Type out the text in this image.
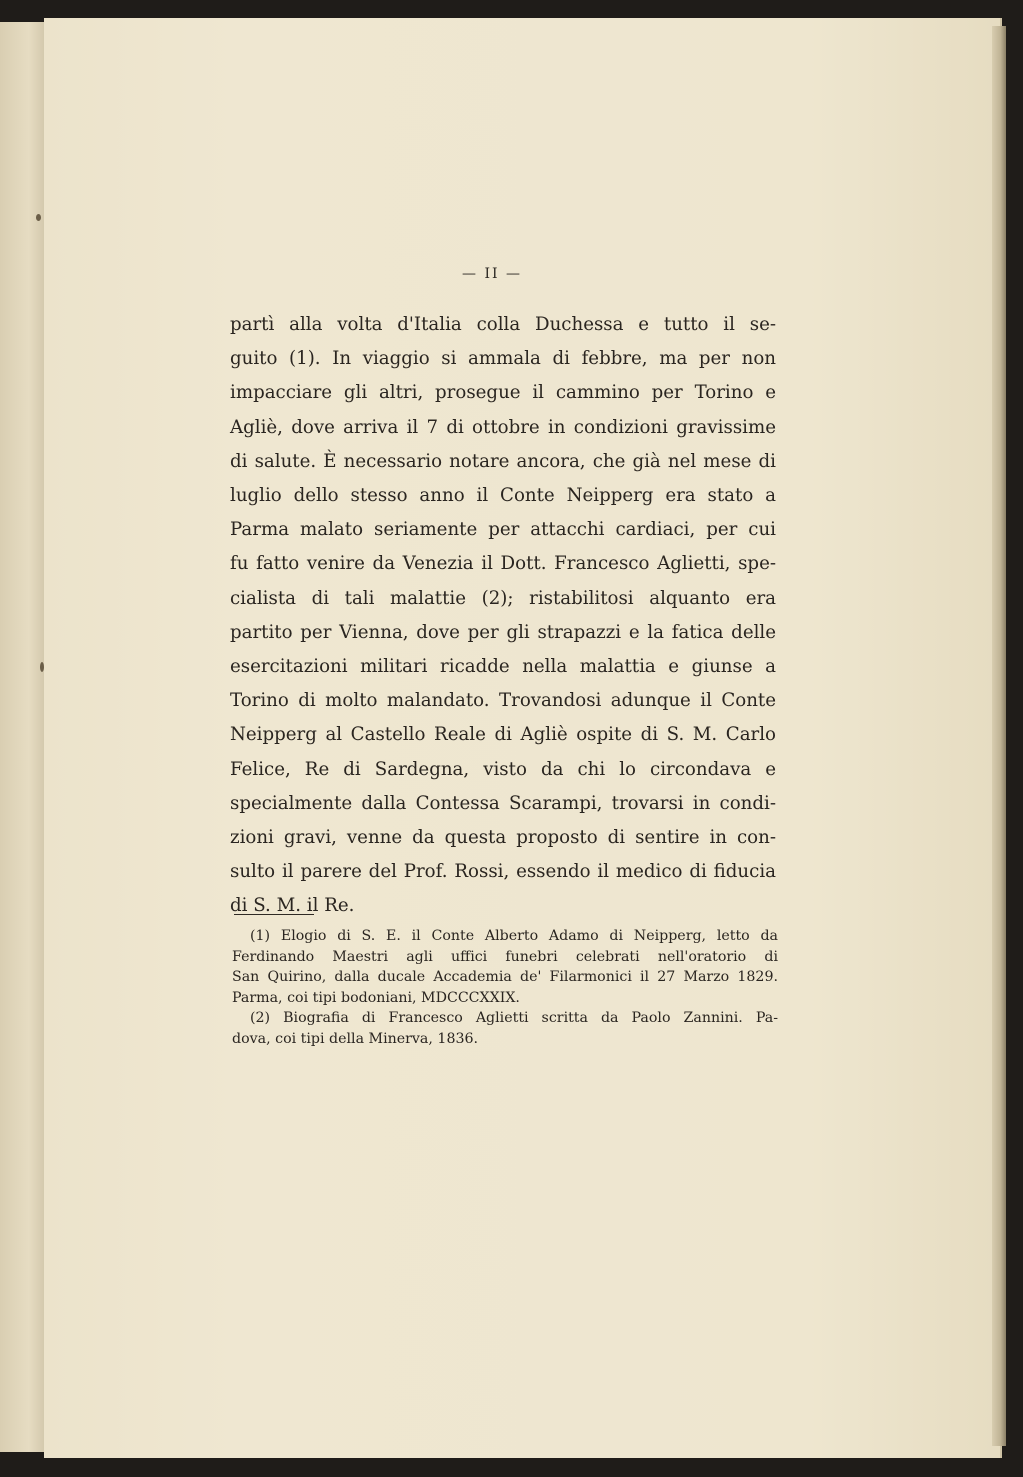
— II —
partì alla volta d'Italia colla Duchessa e tutto il se-
guito (1). In viaggio si ammala di febbre, ma per non
impacciare gli altri, prosegue il cammino per Torino e
Agliè, dove arriva il 7 di ottobre in condizioni gravissime
di salute. È necessario notare ancora, che già nel mese di
luglio dello stesso anno il Conte Neipperg era stato a
Parma malato seriamente per attacchi cardiaci, per cui
fu fatto venire da Venezia il Dott. Francesco Aglietti, spe-
cialista di tali malattie (2); ristabilitosi alquanto era
partito per Vienna, dove per gli strapazzi e la fatica delle
esercitazioni militari ricadde nella malattia e giunse a
Torino di molto malandato. Trovandosi adunque il Conte
Neipperg al Castello Reale di Agliè ospite di S. M. Carlo
Felice, Re di Sardegna, visto da chi lo circondava e
specialmente dalla Contessa Scarampi, trovarsi in condi-
zioni gravi, venne da questa proposto di sentire in con-
sulto il parere del Prof. Rossi, essendo il medico di fiducia
di S. M. il Re.
(1) Elogio di S. E. il Conte Alberto Adamo di Neipperg, letto da
Ferdinando Maestri agli uffici funebri celebrati nell'oratorio di
San Quirino, dalla ducale Accademia de' Filarmonici il 27 Marzo 1829.
Parma, coi tipi bodoniani, MDCCCXXIX.
(2) Biografia di Francesco Aglietti scritta da Paolo Zannini. Pa-
dova, coi tipi della Minerva, 1836.
